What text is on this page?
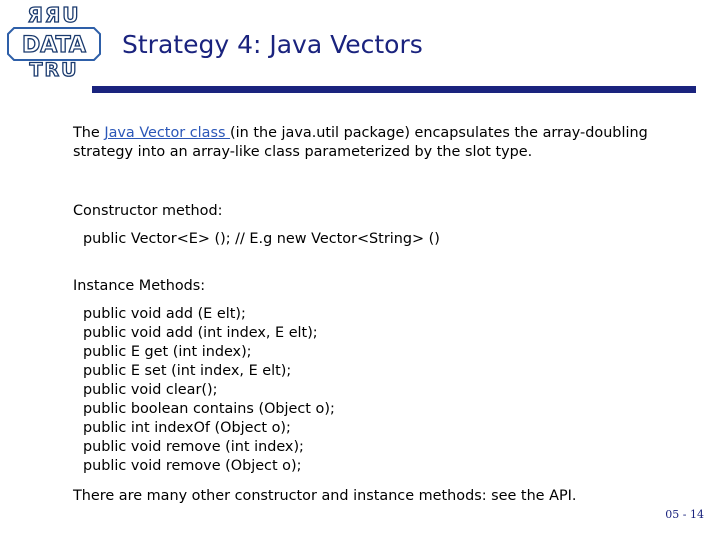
ЯЯU
DATA
TRU
Strategy 4: Java Vectors

The Java Vector class (in the java.util package) encapsulates the array-doubling strategy into an array-like class parameterized by the slot type.

Constructor method:
public Vector<E> (); // E.g new Vector<String> ()
Instance Methods:
public void add (E elt);
public void add (int index, E elt);
public E get (int index);
public E set (int index, E elt);
public void clear();
public boolean contains (Object o);
public int indexOf (Object o);
public void remove (int index);
public void remove (Object o);
There are many other constructor and instance methods: see the API.
05 - 14
